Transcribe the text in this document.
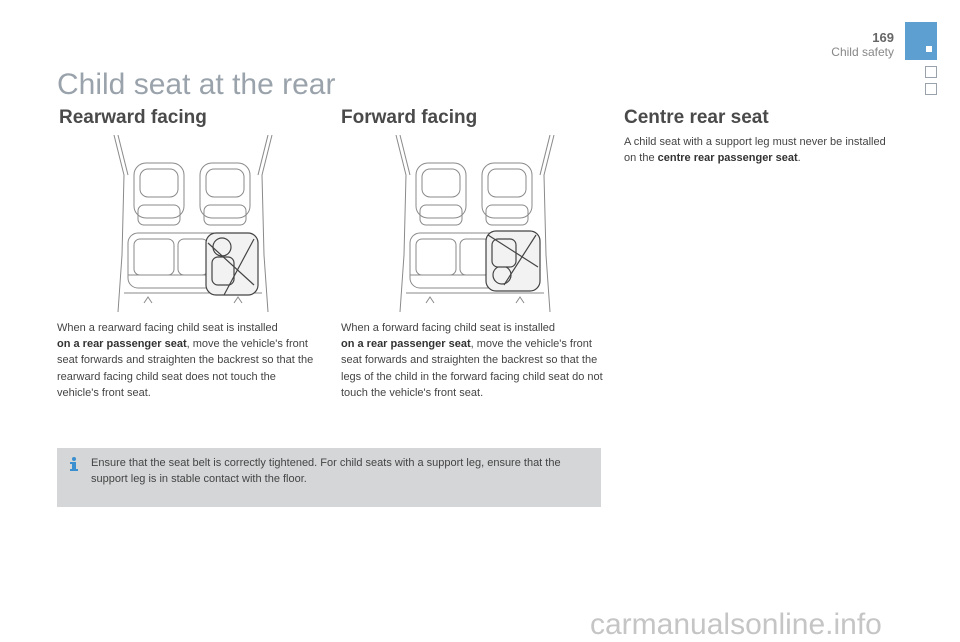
169
Child safety
Child seat at the rear
Rearward facing	Forward facing	Centre rear seat
When a rearward facing child seat is installed
on a rear passenger seat, move the vehicle's front seat forwards and straighten the backrest so that the rearward facing child seat does not touch the vehicle's front seat.
When a forward facing child seat is installed
on a rear passenger seat, move the vehicle's front seat forwards and straighten the backrest so that the legs of the child in the forward facing child seat do not touch the vehicle's front seat.
A child seat with a support leg must never be installed on the centre rear passenger seat.
Ensure that the seat belt is correctly tightened. For child seats with a support leg, ensure that the support leg is in stable contact with the floor.
carmanualsonline.info
